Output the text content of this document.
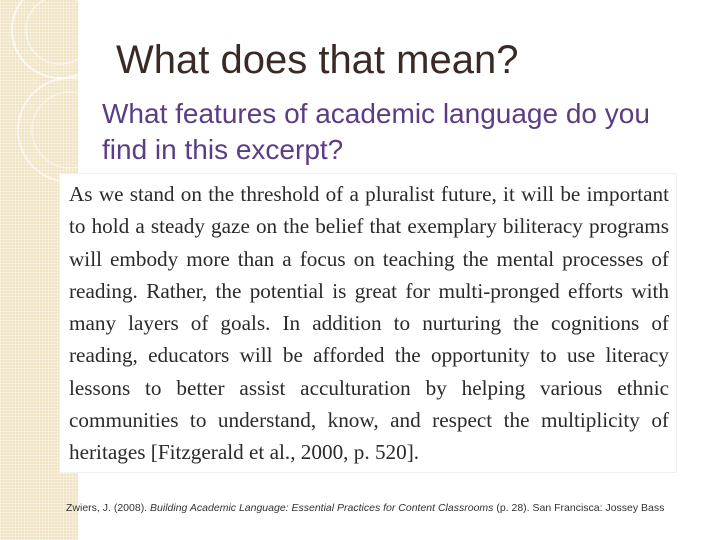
What does that mean?
What features of academic language do you find in this excerpt?

As we stand on the threshold of a pluralist future, it will be important to hold a steady gaze on the belief that exemplary biliteracy programs will embody more than a focus on teaching the mental processes of reading. Rather, the potential is great for multi-pronged efforts with many layers of goals. In addition to nurturing the cognitions of reading, educators will be afforded the opportunity to use literacy lessons to better assist acculturation by helping various ethnic communities to understand, know, and respect the multiplicity of heritages [Fitzgerald et al., 2000, p. 520].

Zwiers, J. (2008). Building Academic Language: Essential Practices for Content Classrooms (p. 28). San Francisca: Jossey Bass
